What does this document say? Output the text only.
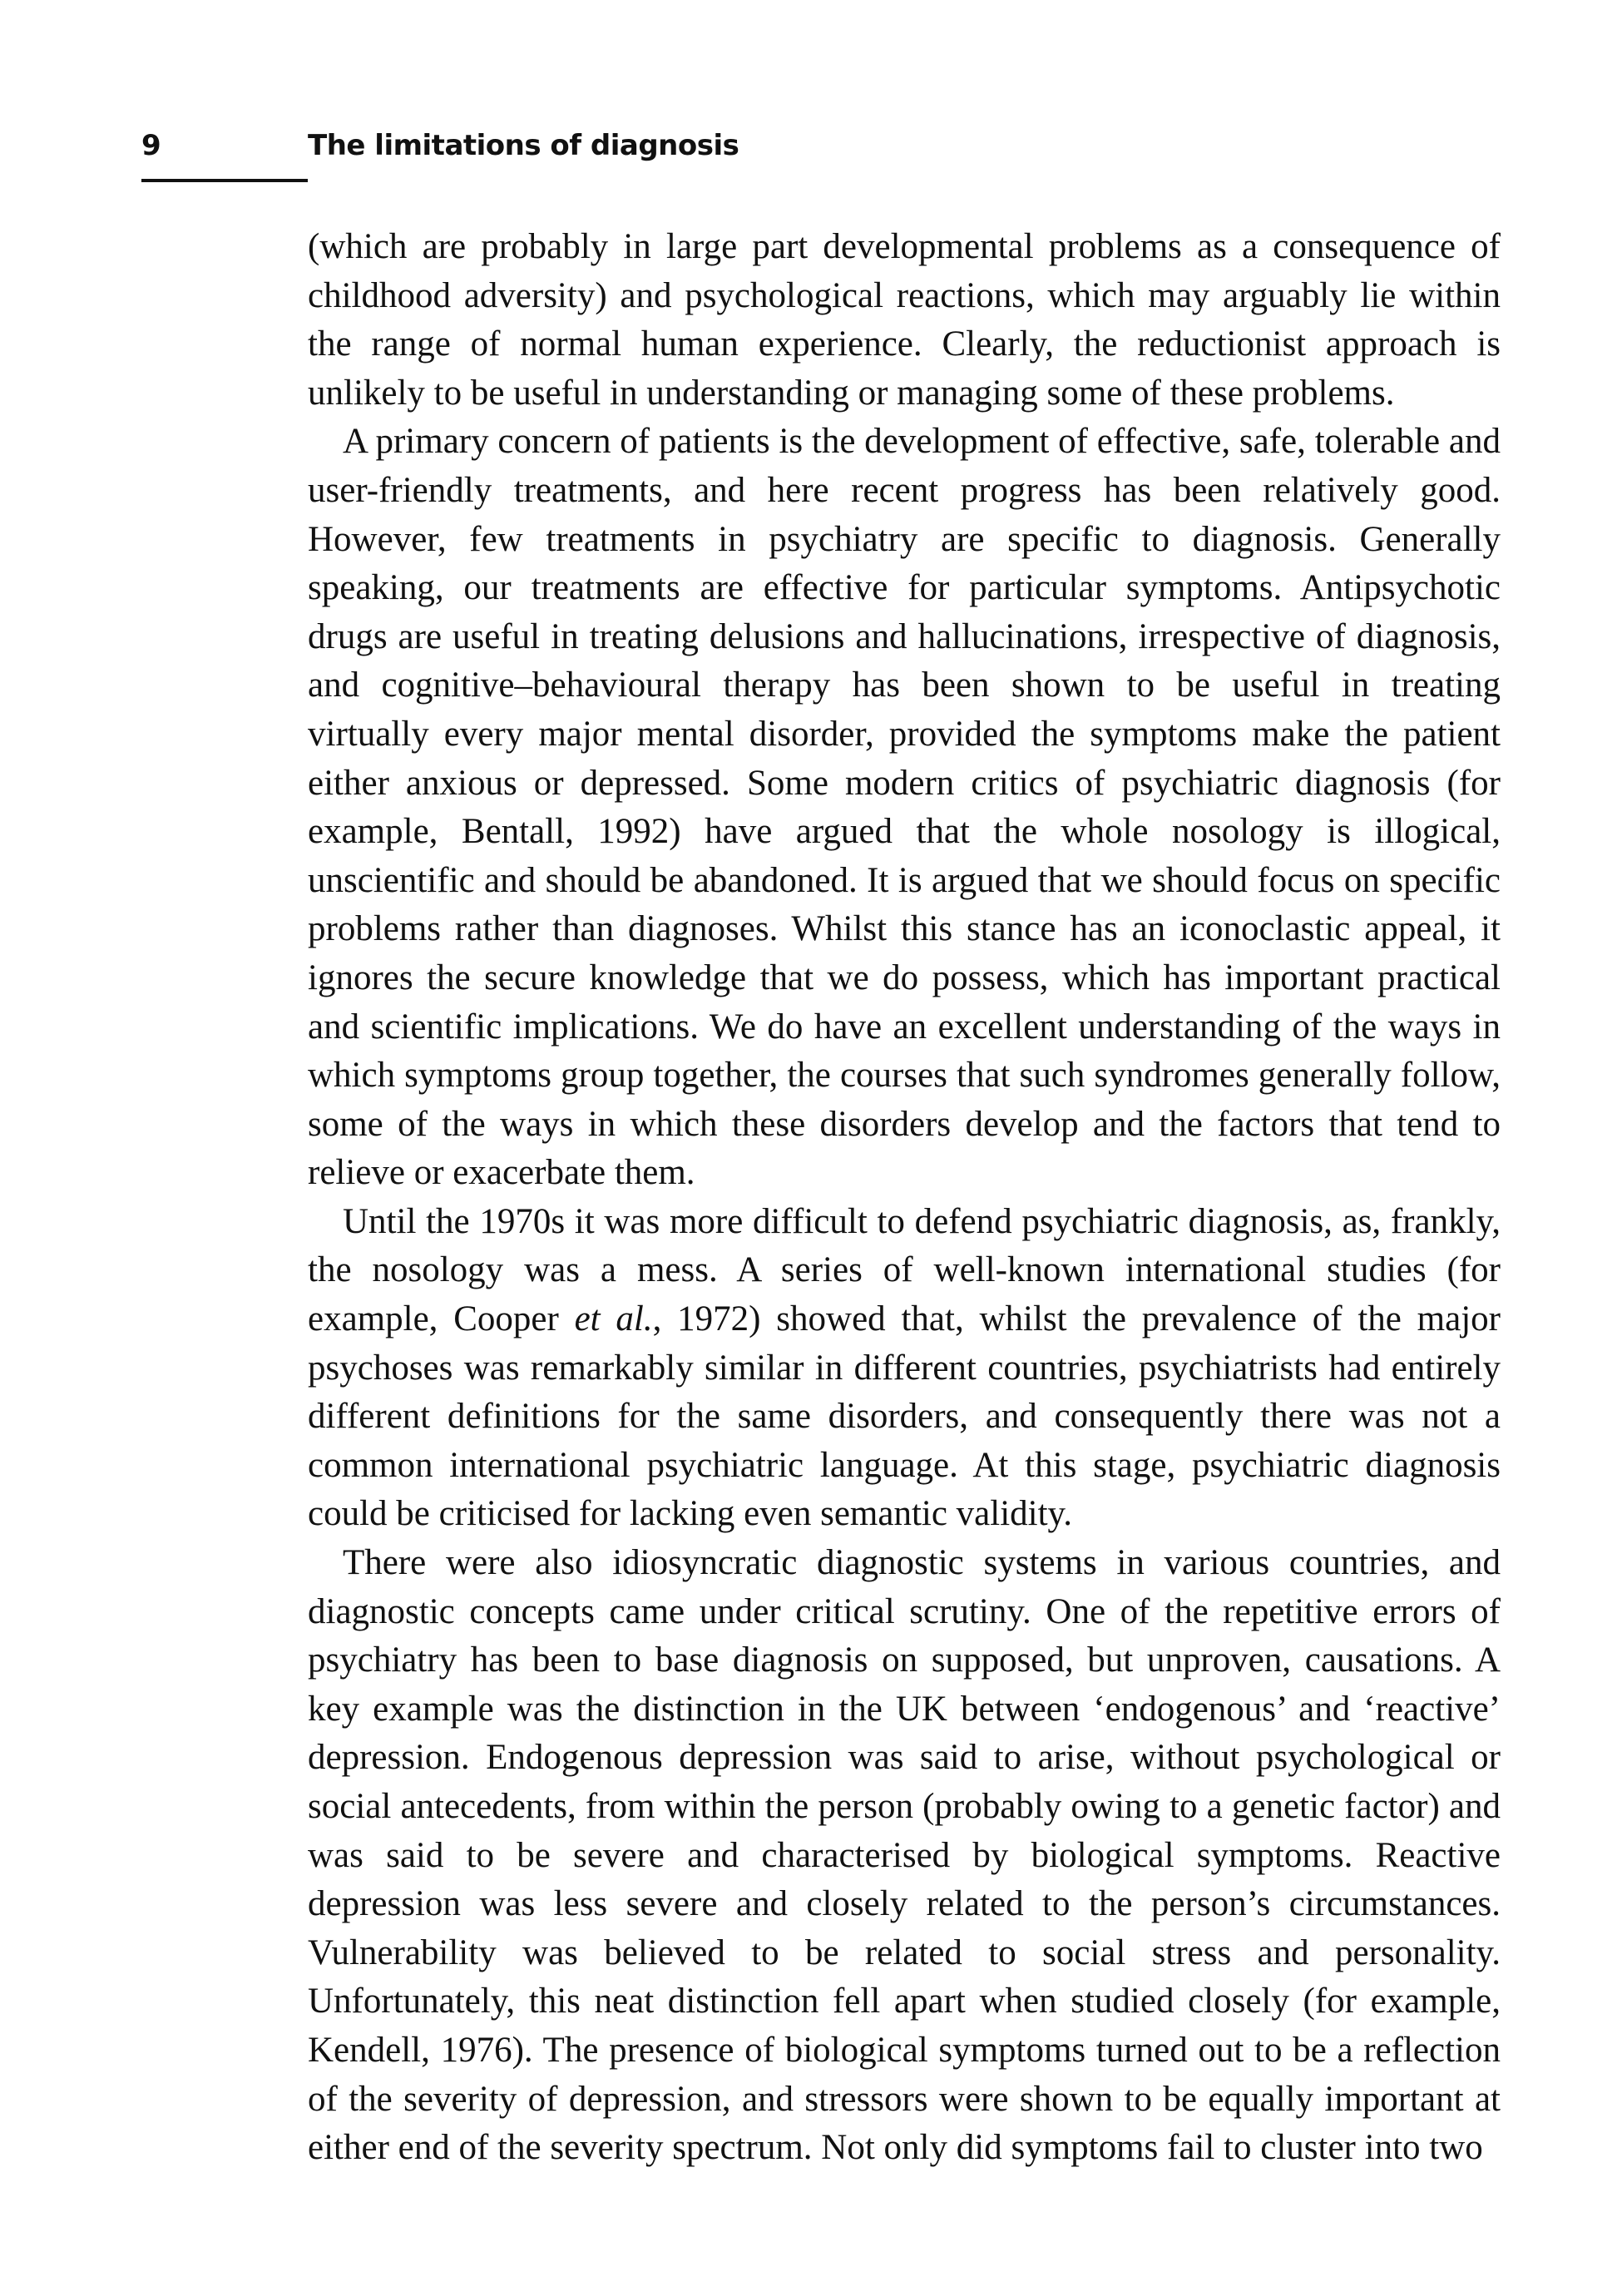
9	The limitations of diagnosis

(which are probably in large part developmental problems as a consequence of childhood adversity) and psychological reactions, which may arguably lie within the range of normal human experience. Clearly, the reductionist approach is unlikely to be useful in understanding or managing some of these problems.

A primary concern of patients is the development of effective, safe, tolerable and user-friendly treatments, and here recent progress has been relatively good. However, few treatments in psychiatry are specific to diagnosis. Generally speaking, our treatments are effective for particular symptoms. Antipsychotic drugs are useful in treating delusions and hallucinations, irrespective of diagnosis, and cognitive–behavioural therapy has been shown to be useful in treating virtually every major mental disorder, provided the symptoms make the patient either anxious or depressed. Some modern critics of psychiatric diagnosis (for example, Bentall, 1992) have argued that the whole nosology is illogical, unscientific and should be abandoned. It is argued that we should focus on specific problems rather than diagnoses. Whilst this stance has an iconoclastic appeal, it ignores the secure knowledge that we do possess, which has important practical and scientific implications. We do have an excellent understanding of the ways in which symptoms group together, the courses that such syndromes generally follow, some of the ways in which these disorders develop and the factors that tend to relieve or exacerbate them.

Until the 1970s it was more difficult to defend psychiatric diagnosis, as, frankly, the nosology was a mess. A series of well-known international studies (for example, Cooper et al., 1972) showed that, whilst the prevalence of the major psychoses was remarkably similar in different countries, psychiatrists had entirely different definitions for the same disorders, and consequently there was not a common international psychiatric language. At this stage, psychiatric diagnosis could be criticised for lacking even semantic validity.

There were also idiosyncratic diagnostic systems in various countries, and diagnostic concepts came under critical scrutiny. One of the repetitive errors of psychiatry has been to base diagnosis on supposed, but unproven, causations. A key example was the distinction in the UK between ‘endogenous’ and ‘reactive’ depression. Endogenous depression was said to arise, without psychological or social antecedents, from within the person (probably owing to a genetic factor) and was said to be severe and characterised by biological symptoms. Reactive depression was less severe and closely related to the person’s circumstances. Vulnerability was believed to be related to social stress and personality. Unfortunately, this neat distinction fell apart when studied closely (for example, Kendell, 1976). The presence of biological symptoms turned out to be a reflection of the severity of depression, and stressors were shown to be equally important at either end of the severity spectrum. Not only did symptoms fail to cluster into two
